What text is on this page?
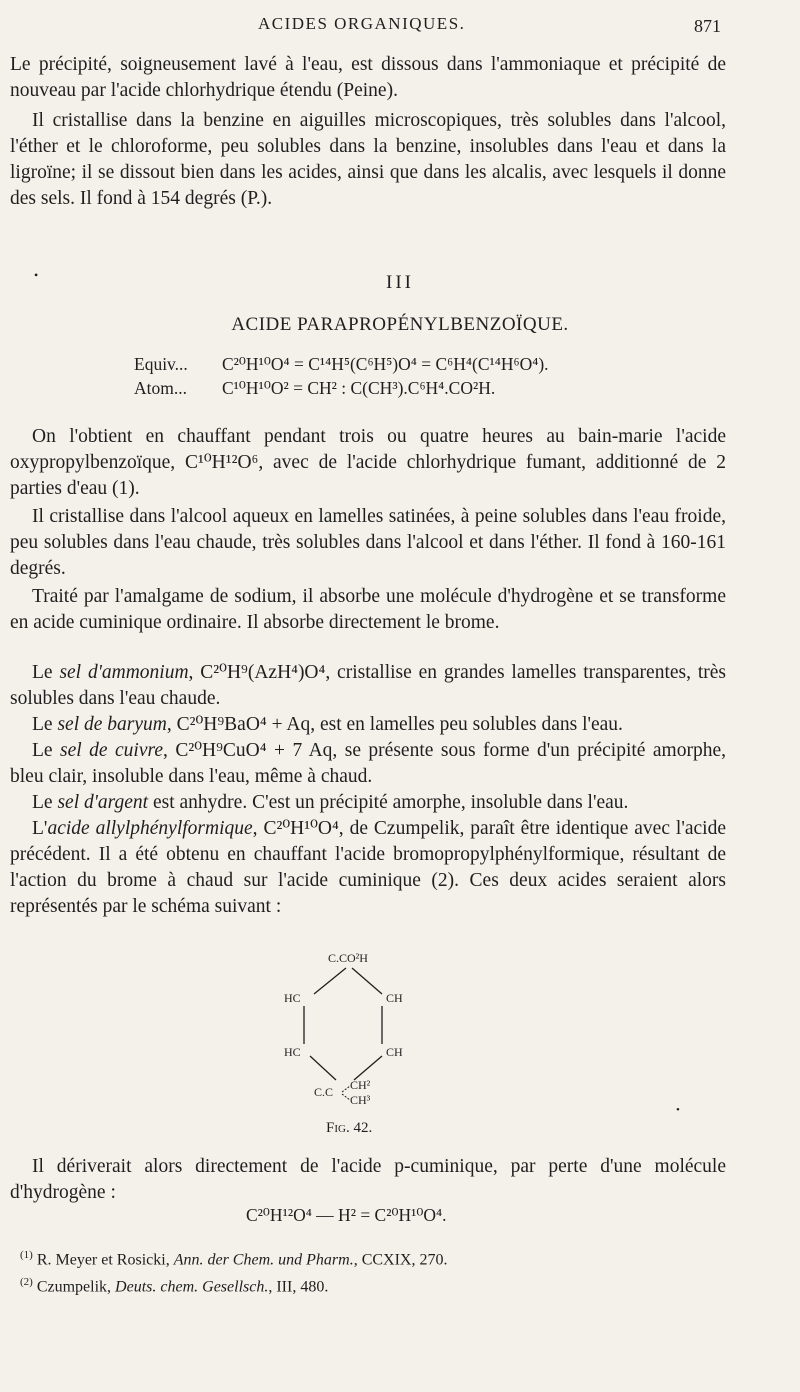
ACIDES ORGANIQUES.	871

Le précipité, soigneusement lavé à l'eau, est dissous dans l'ammoniaque et précipité de nouveau par l'acide chlorhydrique étendu (Peine).

Il cristallise dans la benzine en aiguilles microscopiques, très solubles dans l'alcool, l'éther et le chloroforme, peu solubles dans la benzine, insolubles dans l'eau et dans la ligroïne; il se dissout bien dans les acides, ainsi que dans les alcalis, avec lesquels il donne des sels. Il fond à 154 degrés (P.).

•	III
ACIDE PARAPROPÉNYLBENZOÏQUE.
Equiv... C²⁰H¹⁰O⁴ = C¹⁴H⁵(C⁶H⁵)O⁴ = C⁶H⁴(C¹⁴H⁶O⁴).
Atom... C¹⁰H¹⁰O² = CH² : C(CH³).C⁶H⁴.CO²H.

On l'obtient en chauffant pendant trois ou quatre heures au bain-marie l'acide oxypropylbenzoïque, C¹⁰H¹²O⁶, avec de l'acide chlorhydrique fumant, additionné de 2 parties d'eau (1).

Il cristallise dans l'alcool aqueux en lamelles satinées, à peine solubles dans l'eau froide, peu solubles dans l'eau chaude, très solubles dans l'alcool et dans l'éther. Il fond à 160-161 degrés.

Traité par l'amalgame de sodium, il absorbe une molécule d'hydrogène et se transforme en acide cuminique ordinaire. Il absorbe directement le brome.

Le sel d'ammonium, C²⁰H⁹(AzH⁴)O⁴, cristallise en grandes lamelles transparentes, très solubles dans l'eau chaude.

Le sel de baryum, C²⁰H⁹BaO⁴ + Aq, est en lamelles peu solubles dans l'eau.

Le sel de cuivre, C²⁰H⁹CuO⁴ + 7 Aq, se présente sous forme d'un précipité amorphe, bleu clair, insoluble dans l'eau, même à chaud.

Le sel d'argent est anhydre. C'est un précipité amorphe, insoluble dans l'eau.

L'acide allylphénylformique, C²⁰H¹⁰O⁴, de Czumpelik, paraît être identique avec l'acide précédent. Il a été obtenu en chauffant l'acide bromopropylphénylformique, résultant de l'action du brome à chaud sur l'acide cuminique (2). Ces deux acides seraient alors représentés par le schéma suivant :

C.CO²H
HC	CH
HC	CH
C.C CH²
CH³
Fig. 42.
•

Il dériverait alors directement de l'acide p-cuminique, par perte d'une molécule d'hydrogène :

C²⁰H¹²O⁴ — H² = C²⁰H¹⁰O⁴.
$^{(1)}$ R. Meyer et Rosicki, Ann. der Chem. und Pharm., CCXIX, 270.
$^{(2)}$ Czumpelik, Deuts. chem. Gesellsch., III, 480.
